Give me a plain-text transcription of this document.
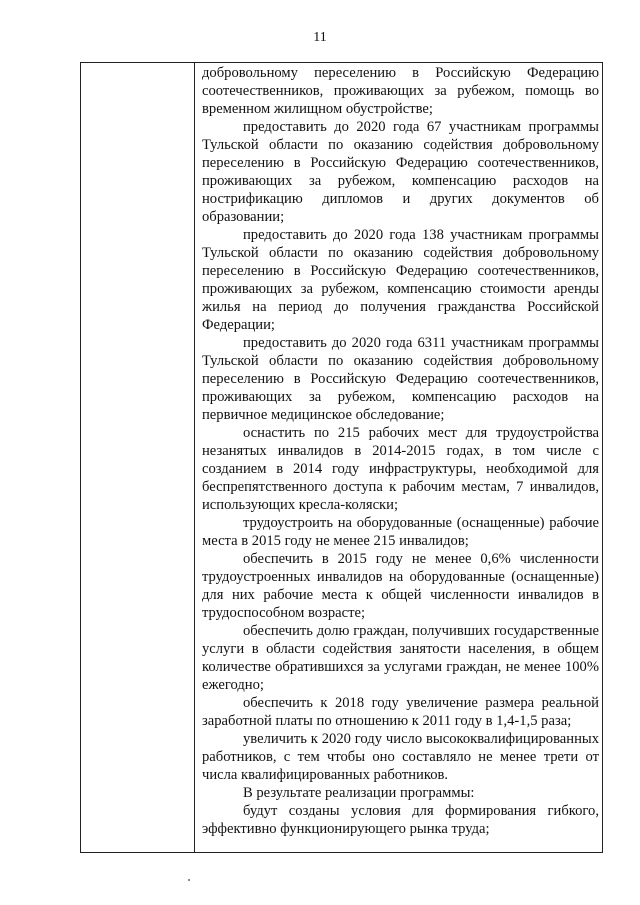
11

добровольному переселению в Российскую Федерацию соотечественников, проживающих за рубежом, помощь во временном жилищном обустройстве;

предоставить до 2020 года 67 участникам программы Тульской области по оказанию содействия добровольному переселению в Российскую Федерацию соотечественников, проживающих за рубежом, компенсацию расходов на нострификацию дипломов и других документов об образовании;

предоставить до 2020 года 138 участникам программы Тульской области по оказанию содействия добровольному переселению в Российскую Федерацию соотечественников, проживающих за рубежом, компенсацию стоимости аренды жилья на период до получения гражданства Российской Федерации;

предоставить до 2020 года 6311 участникам программы Тульской области по оказанию содействия добровольному переселению в Российскую Федерацию соотечественников, проживающих за рубежом, компенсацию расходов на первичное медицинское обследование;

оснастить по 215 рабочих мест для трудоустройства незанятых инвалидов в 2014-2015 годах, в том числе с созданием в 2014 году инфраструктуры, необходимой для беспрепятственного доступа к рабочим местам, 7 инвалидов, использующих кресла-коляски;

трудоустроить на оборудованные (оснащенные) рабочие места в 2015 году не менее 215 инвалидов;

обеспечить в 2015 году не менее 0,6% численности трудоустроенных инвалидов на оборудованные (оснащенные) для них рабочие места к общей численности инвалидов в трудоспособном возрасте;

обеспечить долю граждан, получивших государственные услуги в области содействия занятости населения, в общем количестве обратившихся за услугами граждан, не менее 100% ежегодно;

обеспечить к 2018 году увеличение размера реальной заработной платы по отношению к 2011 году в 1,4-1,5 раза;

увеличить к 2020 году число высококвалифицированных работников, с тем чтобы оно составляло не менее трети от числа квалифицированных работников.

В результате реализации программы:

будут созданы условия для формирования гибкого, эффективно функционирующего рынка труда;
